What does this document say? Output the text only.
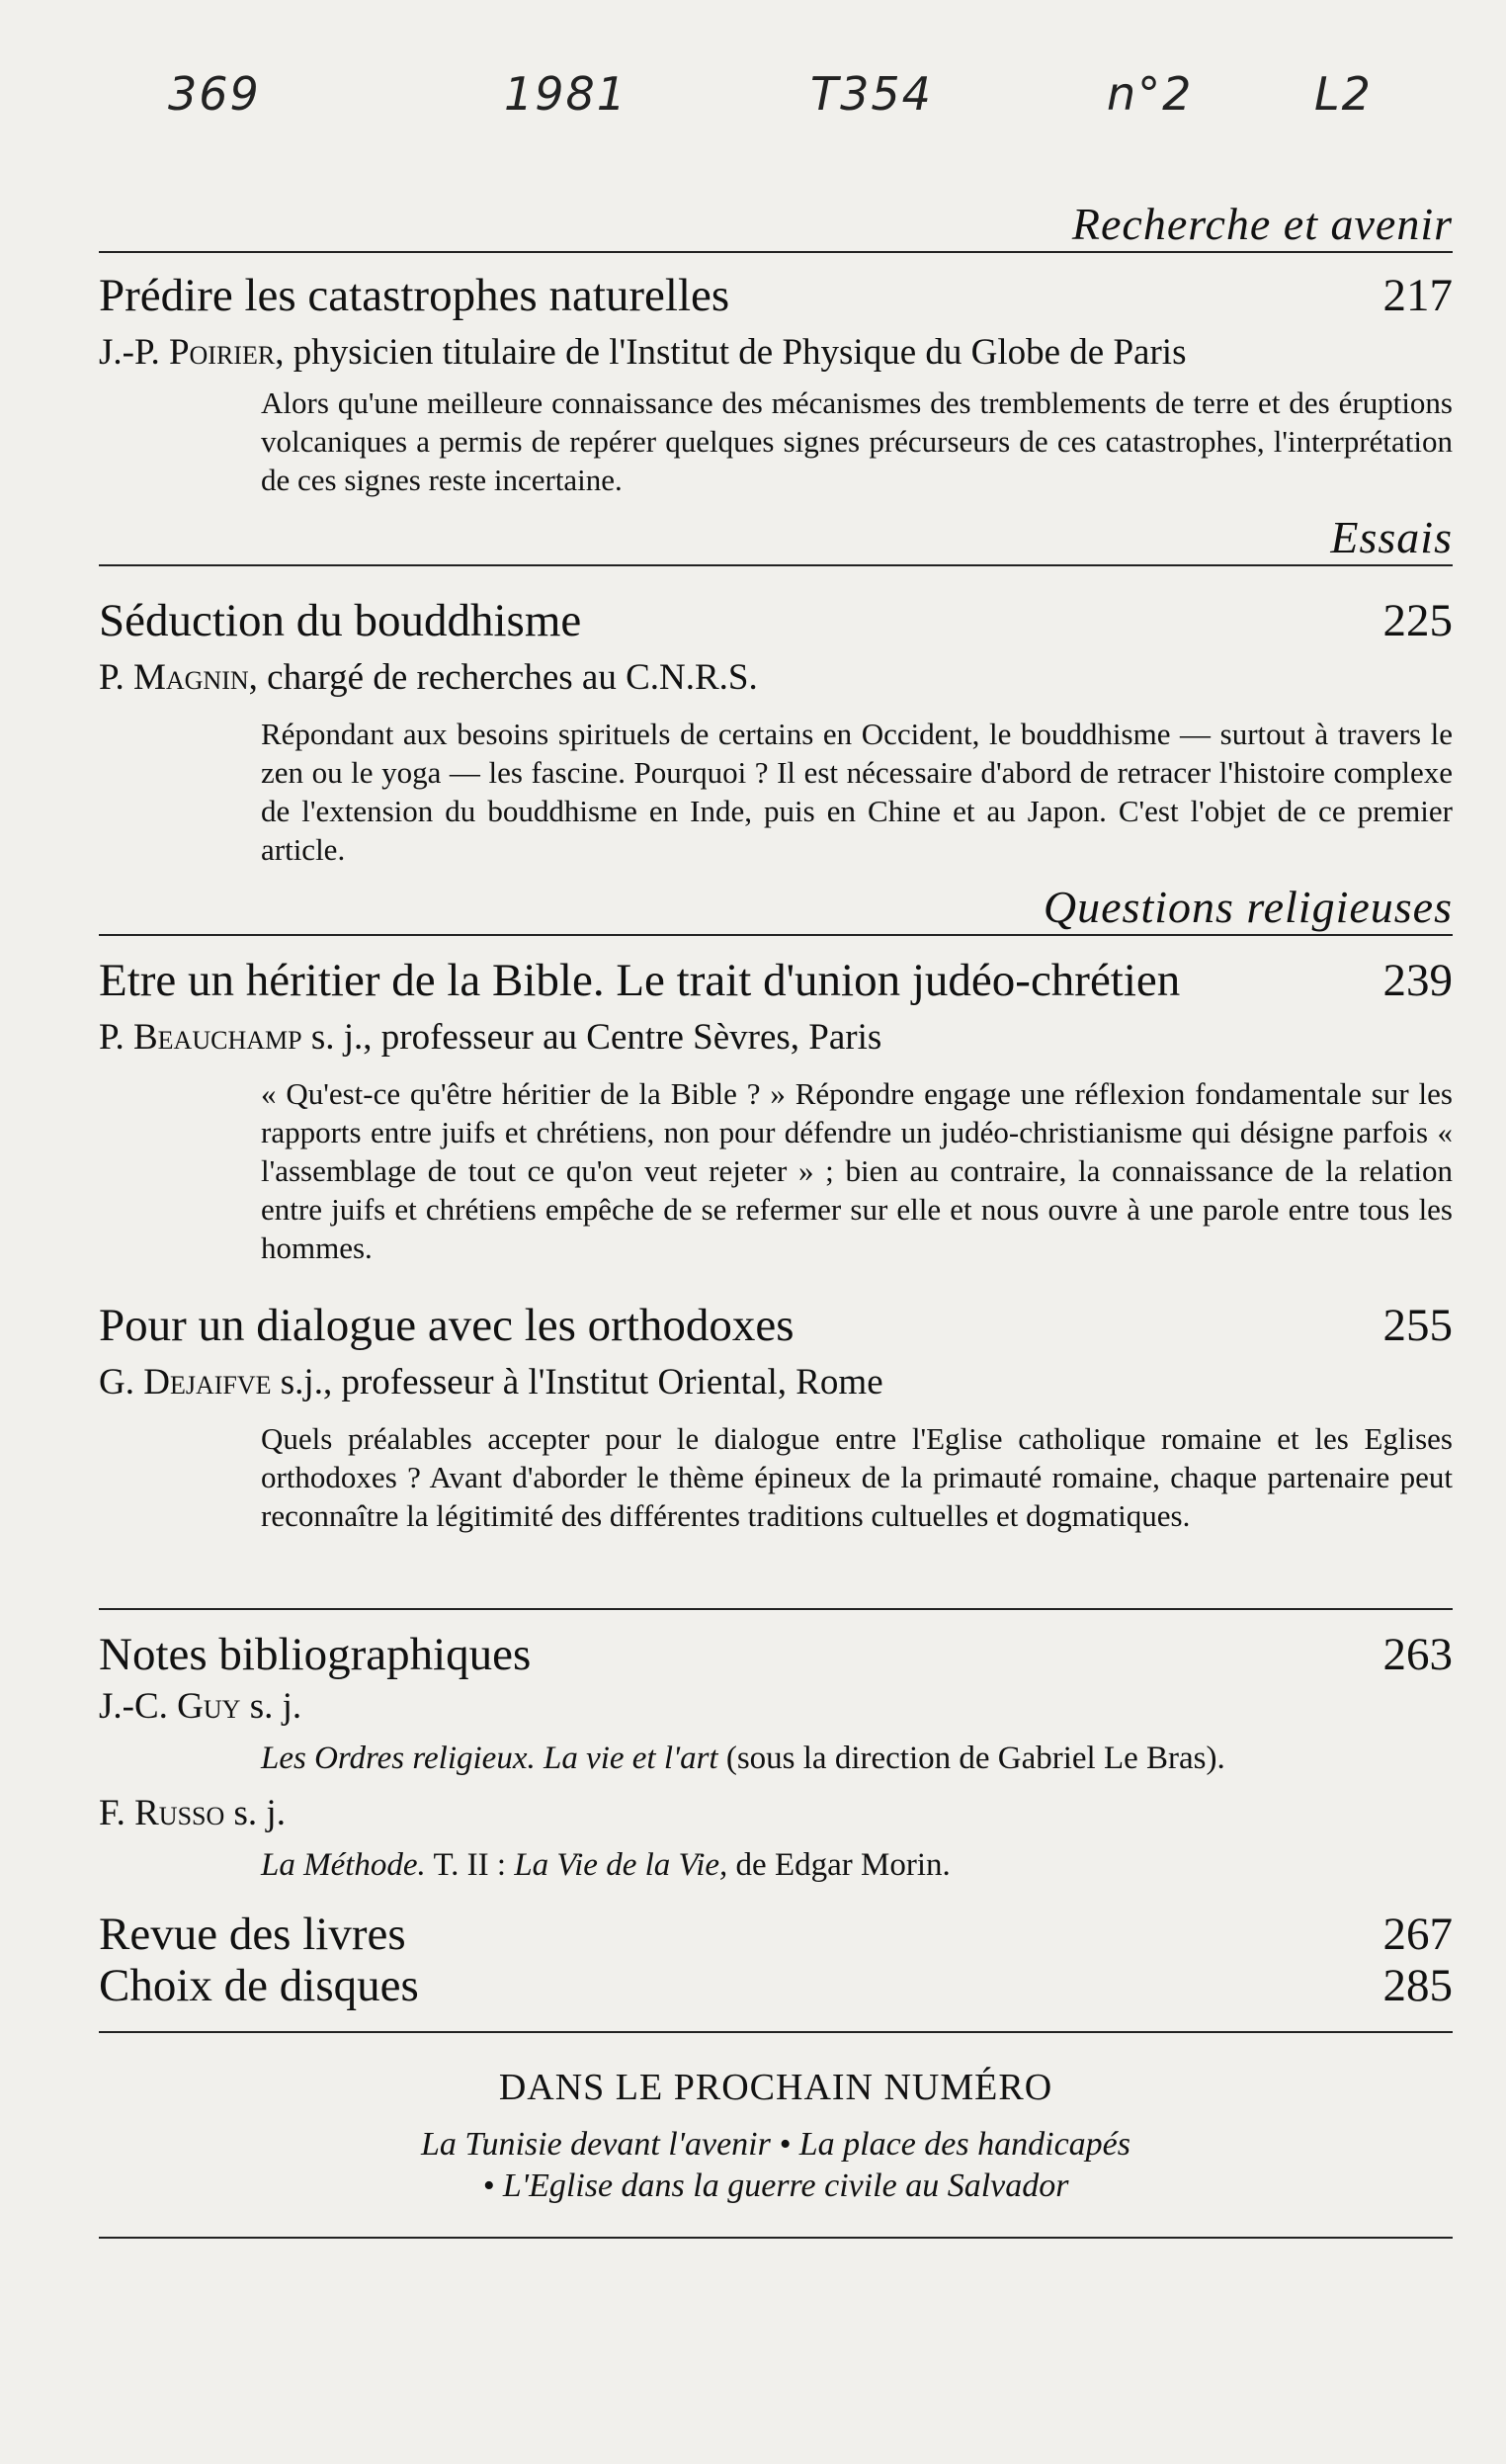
369	1981	T354	n°2	L2
Recherche et avenir
Prédire les catastrophes naturelles	217
J.-P. Poirier, physicien titulaire de l'Institut de Physique du Globe de Paris

Alors qu'une meilleure connaissance des mécanismes des tremblements de terre et des éruptions volcaniques a permis de repérer quelques signes précurseurs de ces catastrophes, l'interprétation de ces signes reste incertaine.

Essais
Séduction du bouddhisme	225
P. Magnin, chargé de recherches au C.N.R.S.

Répondant aux besoins spirituels de certains en Occident, le bouddhisme — surtout à travers le zen ou le yoga — les fascine. Pourquoi ? Il est nécessaire d'abord de retracer l'histoire complexe de l'extension du bouddhisme en Inde, puis en Chine et au Japon. C'est l'objet de ce premier article.

Questions religieuses
Etre un héritier de la Bible. Le trait d'union judéo-chrétien	239
P. Beauchamp s. j., professeur au Centre Sèvres, Paris

« Qu'est-ce qu'être héritier de la Bible ? » Répondre engage une réflexion fondamentale sur les rapports entre juifs et chrétiens, non pour défendre un judéo-christianisme qui désigne parfois « l'assemblage de tout ce qu'on veut rejeter » ; bien au contraire, la connaissance de la relation entre juifs et chrétiens empêche de se refermer sur elle et nous ouvre à une parole entre tous les hommes.

Pour un dialogue avec les orthodoxes	255
G. Dejaifve s.j., professeur à l'Institut Oriental, Rome

Quels préalables accepter pour le dialogue entre l'Eglise catholique romaine et les Eglises orthodoxes ? Avant d'aborder le thème épineux de la primauté romaine, chaque partenaire peut reconnaître la légitimité des différentes traditions cultuelles et dogmatiques.

Notes bibliographiques	263
J.-C. Guy s. j.
Les Ordres religieux. La vie et l'art (sous la direction de Gabriel Le Bras).
F. Russo s. j.
La Méthode. T. II : La Vie de la Vie, de Edgar Morin.
Revue des livres	267
Choix de disques	285
DANS LE PROCHAIN NUMÉRO
La Tunisie devant l'avenir • La place des handicapés
• L'Eglise dans la guerre civile au Salvador
